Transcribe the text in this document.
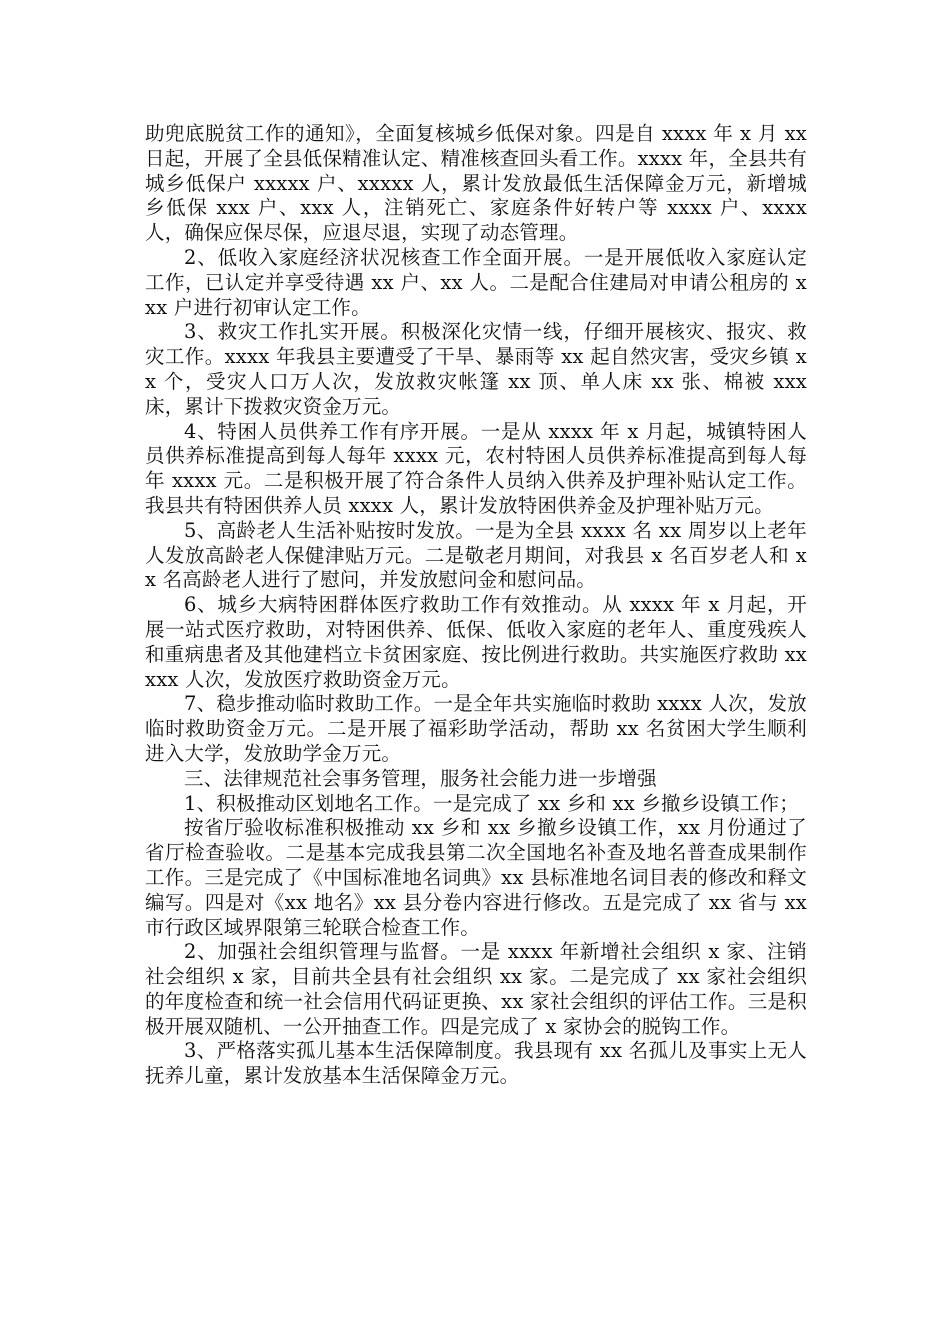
助兜底脱贫工作的通知》，全面复核城乡低保对象。四是自 xxxx 年 x 月 xx 日起，开展了全县低保精准认定、精准核查回头看工作。xxxx 年，全县共有城乡低保户 xxxxx 户、xxxxx 人，累计发放最低生活保障金万元，新增城乡低保 xxx 户、xxx 人，注销死亡、家庭条件好转户等 xxxx 户、xxxx 人，确保应保尽保，应退尽退，实现了动态管理。

2、低收入家庭经济状况核查工作全面开展。一是开展低收入家庭认定工作，已认定并享受待遇 xx 户、xx 人。二是配合住建局对申请公租房的 xxx 户进行初审认定工作。

3、救灾工作扎实开展。积极深化灾情一线，仔细开展核灾、报灾、救灾工作。xxxx 年我县主要遭受了干旱、暴雨等 xx 起自然灾害，受灾乡镇 xx 个，受灾人口万人次，发放救灾帐篷 xx 顶、单人床 xx 张、棉被 xxx 床，累计下拨救灾资金万元。

4、特困人员供养工作有序开展。一是从 xxxx 年 x 月起，城镇特困人员供养标准提高到每人每年 xxxx 元，农村特困人员供养标准提高到每人每年 xxxx 元。二是积极开展了符合条件人员纳入供养及护理补贴认定工作。我县共有特困供养人员 xxxx 人，累计发放特困供养金及护理补贴万元。

5、高龄老人生活补贴按时发放。一是为全县 xxxx 名 xx 周岁以上老年人发放高龄老人保健津贴万元。二是敬老月期间，对我县 x 名百岁老人和 xx 名高龄老人进行了慰问，并发放慰问金和慰问品。

6、城乡大病特困群体医疗救助工作有效推动。从 xxxx 年 x 月起，开展一站式医疗救助，对特困供养、低保、低收入家庭的老年人、重度残疾人和重病患者及其他建档立卡贫困家庭、按比例进行救助。共实施医疗救助 xxxxx 人次，发放医疗救助资金万元。

7、稳步推动临时救助工作。一是全年共实施临时救助 xxxx 人次，发放临时救助资金万元。二是开展了福彩助学活动，帮助 xx 名贫困大学生顺利进入大学，发放助学金万元。

三、法律规范社会事务管理，服务社会能力进一步增强

1、积极推动区划地名工作。一是完成了 xx 乡和 xx 乡撤乡设镇工作；

按省厅验收标准积极推动 xx 乡和 xx 乡撤乡设镇工作，xx 月份通过了省厅检查验收。二是基本完成我县第二次全国地名补查及地名普查成果制作工作。三是完成了《中国标准地名词典》xx 县标准地名词目表的修改和释文编写。四是对《xx 地名》xx 县分卷内容进行修改。五是完成了 xx 省与 xx 市行政区域界限第三轮联合检查工作。

2、加强社会组织管理与监督。一是 xxxx 年新增社会组织 x 家、注销社会组织 x 家，目前共全县有社会组织 xx 家。二是完成了 xx 家社会组织的年度检查和统一社会信用代码证更换、xx 家社会组织的评估工作。三是积极开展双随机、一公开抽查工作。四是完成了 x 家协会的脱钩工作。

3、严格落实孤儿基本生活保障制度。我县现有 xx 名孤儿及事实上无人抚养儿童，累计发放基本生活保障金万元。
